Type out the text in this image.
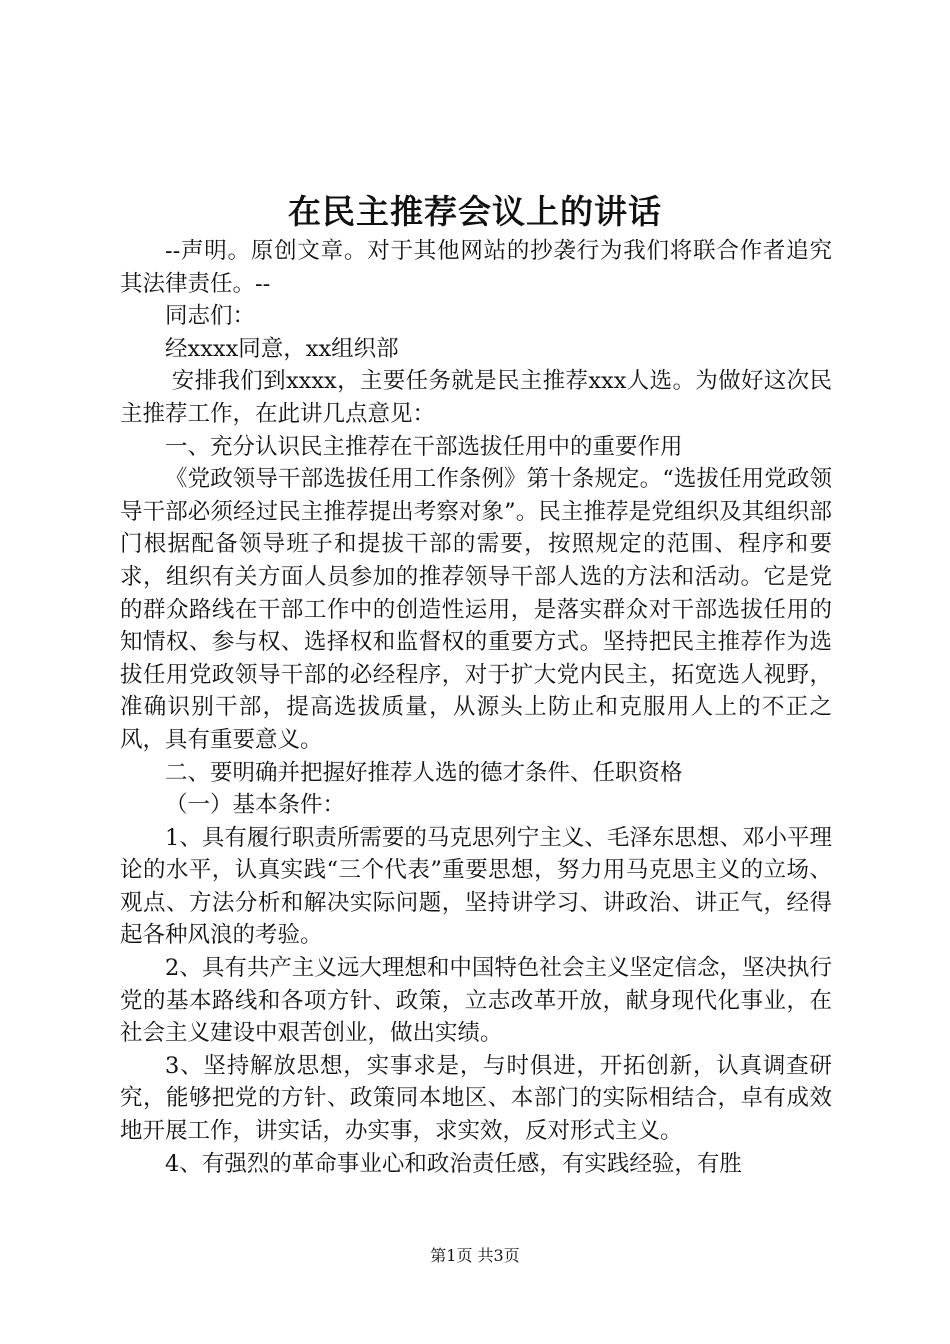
在民主推荐会议上的讲话

--声明。原创文章。对于其他网站的抄袭行为我们将联合作者追究其法律责任。--

同志们：

经xxxx同意，xx组织部

安排我们到xxxx，主要任务就是民主推荐xxx人选。为做好这次民主推荐工作，在此讲几点意见：

一、充分认识民主推荐在干部选拔任用中的重要作用

《党政领导干部选拔任用工作条例》第十条规定。“选拔任用党政领导干部必须经过民主推荐提出考察对象”。民主推荐是党组织及其组织部门根据配备领导班子和提拔干部的需要，按照规定的范围、程序和要求，组织有关方面人员参加的推荐领导干部人选的方法和活动。它是党的群众路线在干部工作中的创造性运用，是落实群众对干部选拔任用的知情权、参与权、选择权和监督权的重要方式。坚持把民主推荐作为选拔任用党政领导干部的必经程序，对于扩大党内民主，拓宽选人视野，准确识别干部，提高选拔质量，从源头上防止和克服用人上的不正之风，具有重要意义。

二、要明确并把握好推荐人选的德才条件、任职资格

（一）基本条件：

1、具有履行职责所需要的马克思列宁主义、毛泽东思想、邓小平理论的水平，认真实践“三个代表”重要思想，努力用马克思主义的立场、观点、方法分析和解决实际问题，坚持讲学习、讲政治、讲正气，经得起各种风浪的考验。

2、具有共产主义远大理想和中国特色社会主义坚定信念，坚决执行党的基本路线和各项方针、政策，立志改革开放，献身现代化事业，在社会主义建设中艰苦创业，做出实绩。

3、坚持解放思想，实事求是，与时俱进，开拓创新，认真调查研究，能够把党的方针、政策同本地区、本部门的实际相结合，卓有成效地开展工作，讲实话，办实事，求实效，反对形式主义。

4、有强烈的革命事业心和政治责任感，有实践经验，有胜

第1页 共3页
